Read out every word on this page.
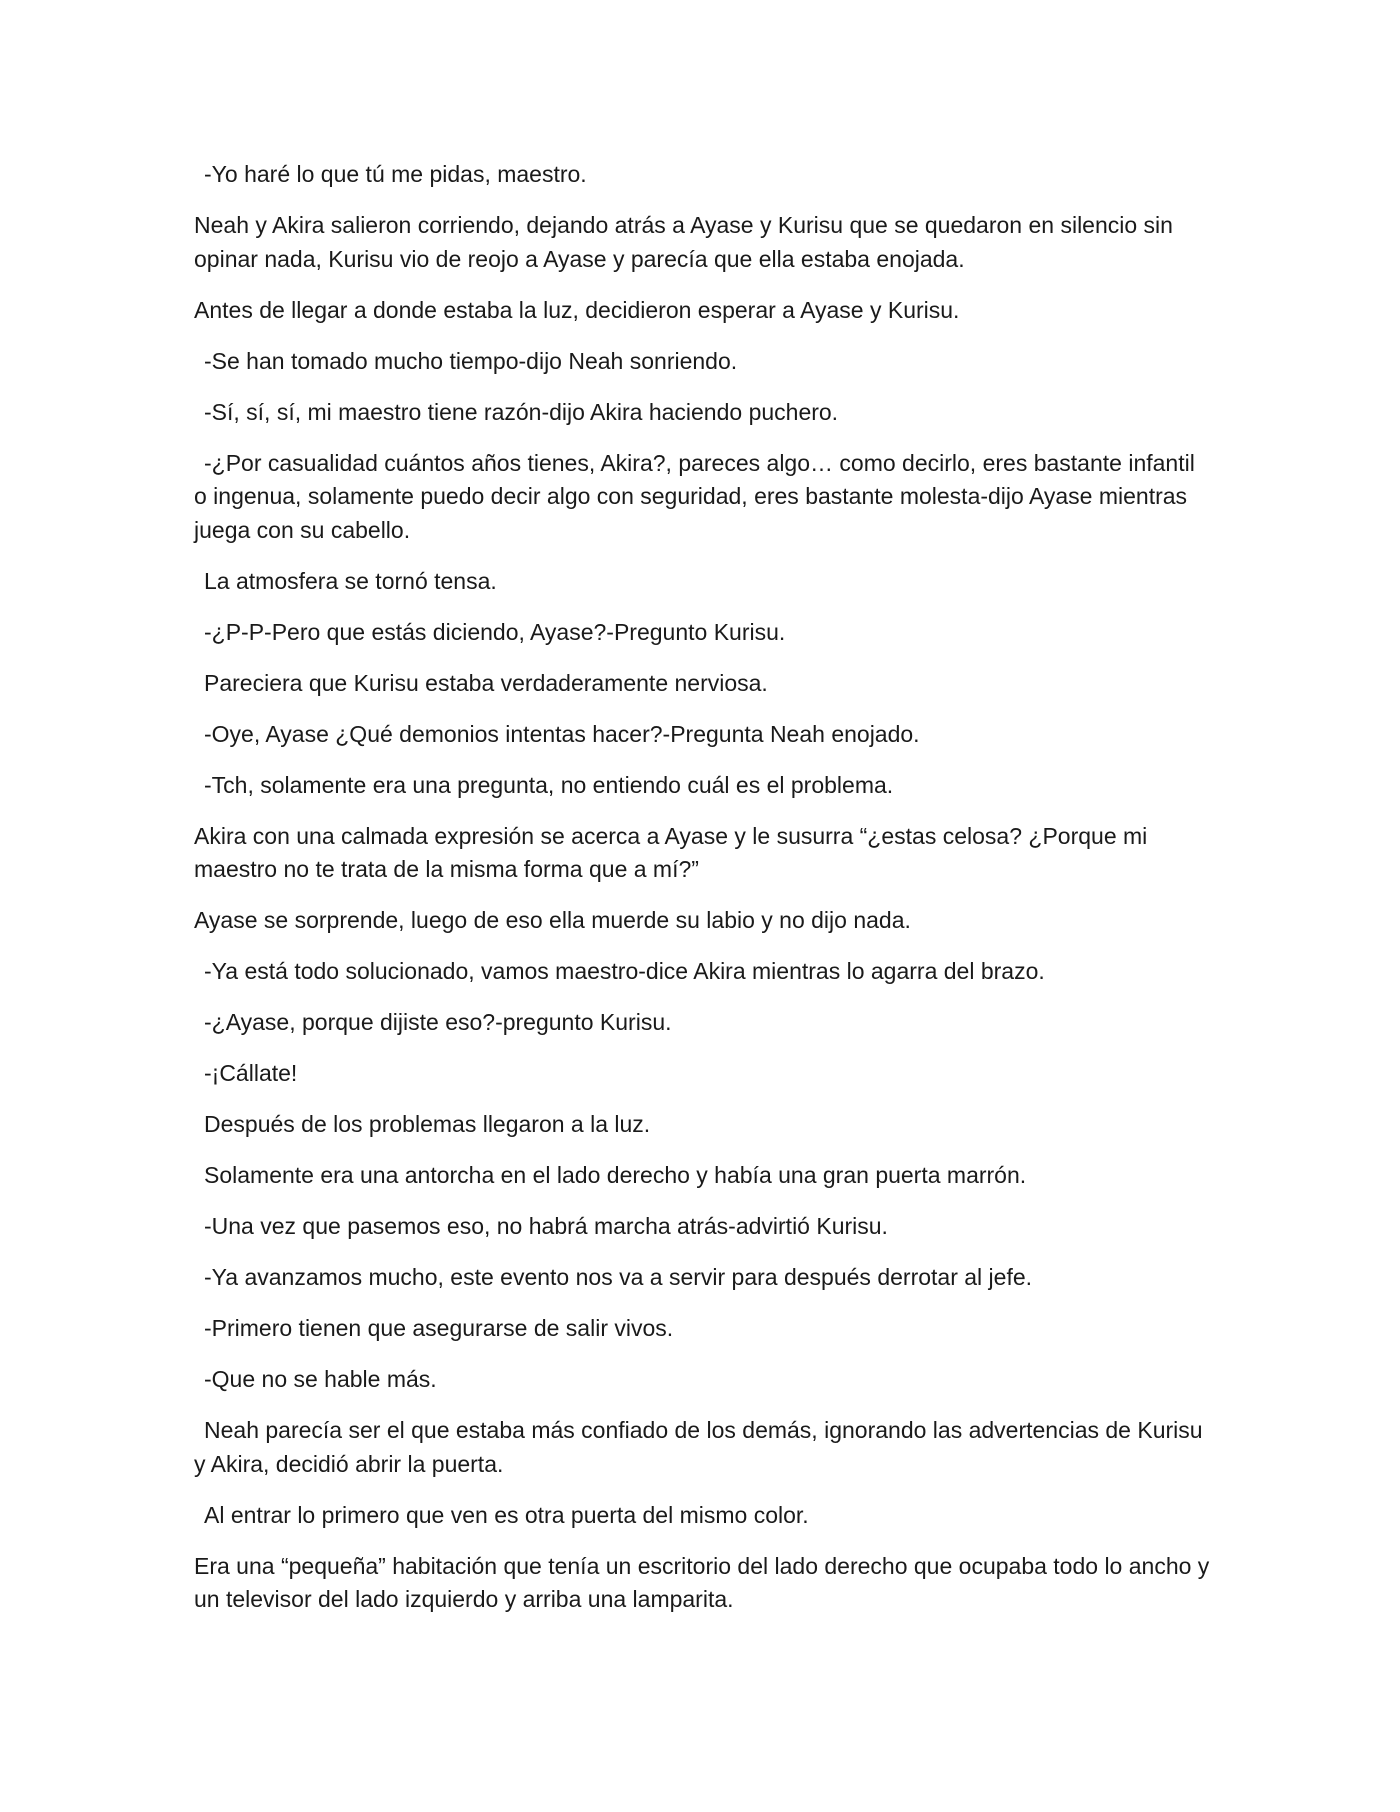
-Yo haré lo que tú me pidas, maestro.

Neah y Akira salieron corriendo, dejando atrás a Ayase y Kurisu que se quedaron en silencio sin opinar nada, Kurisu vio de reojo a Ayase y parecía que ella estaba enojada.

Antes de llegar a donde estaba la luz, decidieron esperar a Ayase y Kurisu.

-Se han tomado mucho tiempo-dijo Neah sonriendo.

-Sí, sí, sí, mi maestro tiene razón-dijo Akira haciendo puchero.

-¿Por casualidad cuántos años tienes, Akira?, pareces algo… como decirlo, eres bastante infantil o ingenua, solamente puedo decir algo con seguridad, eres bastante molesta-dijo Ayase mientras juega con su cabello.

La atmosfera se tornó tensa.

-¿P-P-Pero que estás diciendo, Ayase?-Pregunto Kurisu.

Pareciera que Kurisu estaba verdaderamente nerviosa.

-Oye, Ayase ¿Qué demonios intentas hacer?-Pregunta Neah enojado.

-Tch, solamente era una pregunta, no entiendo cuál es el problema.

Akira con una calmada expresión se acerca a Ayase y le susurra “¿estas celosa? ¿Porque mi maestro no te trata de la misma forma que a mí?”

Ayase se sorprende, luego de eso ella muerde su labio y no dijo nada.

-Ya está todo solucionado, vamos maestro-dice Akira mientras lo agarra del brazo.

-¿Ayase, porque dijiste eso?-pregunto Kurisu.

-¡Cállate!

Después de los problemas llegaron a la luz.

Solamente era una antorcha en el lado derecho y había una gran puerta marrón.

-Una vez que pasemos eso, no habrá marcha atrás-advirtió Kurisu.

-Ya avanzamos mucho, este evento nos va a servir para después derrotar al jefe.

-Primero tienen que asegurarse de salir vivos.

-Que no se hable más.

Neah parecía ser el que estaba más confiado de los demás, ignorando las advertencias de Kurisu y Akira, decidió abrir la puerta.

Al entrar lo primero que ven es otra puerta del mismo color.

Era una “pequeña” habitación que tenía un escritorio del lado derecho que ocupaba todo lo ancho y un televisor del lado izquierdo y arriba una lamparita.
